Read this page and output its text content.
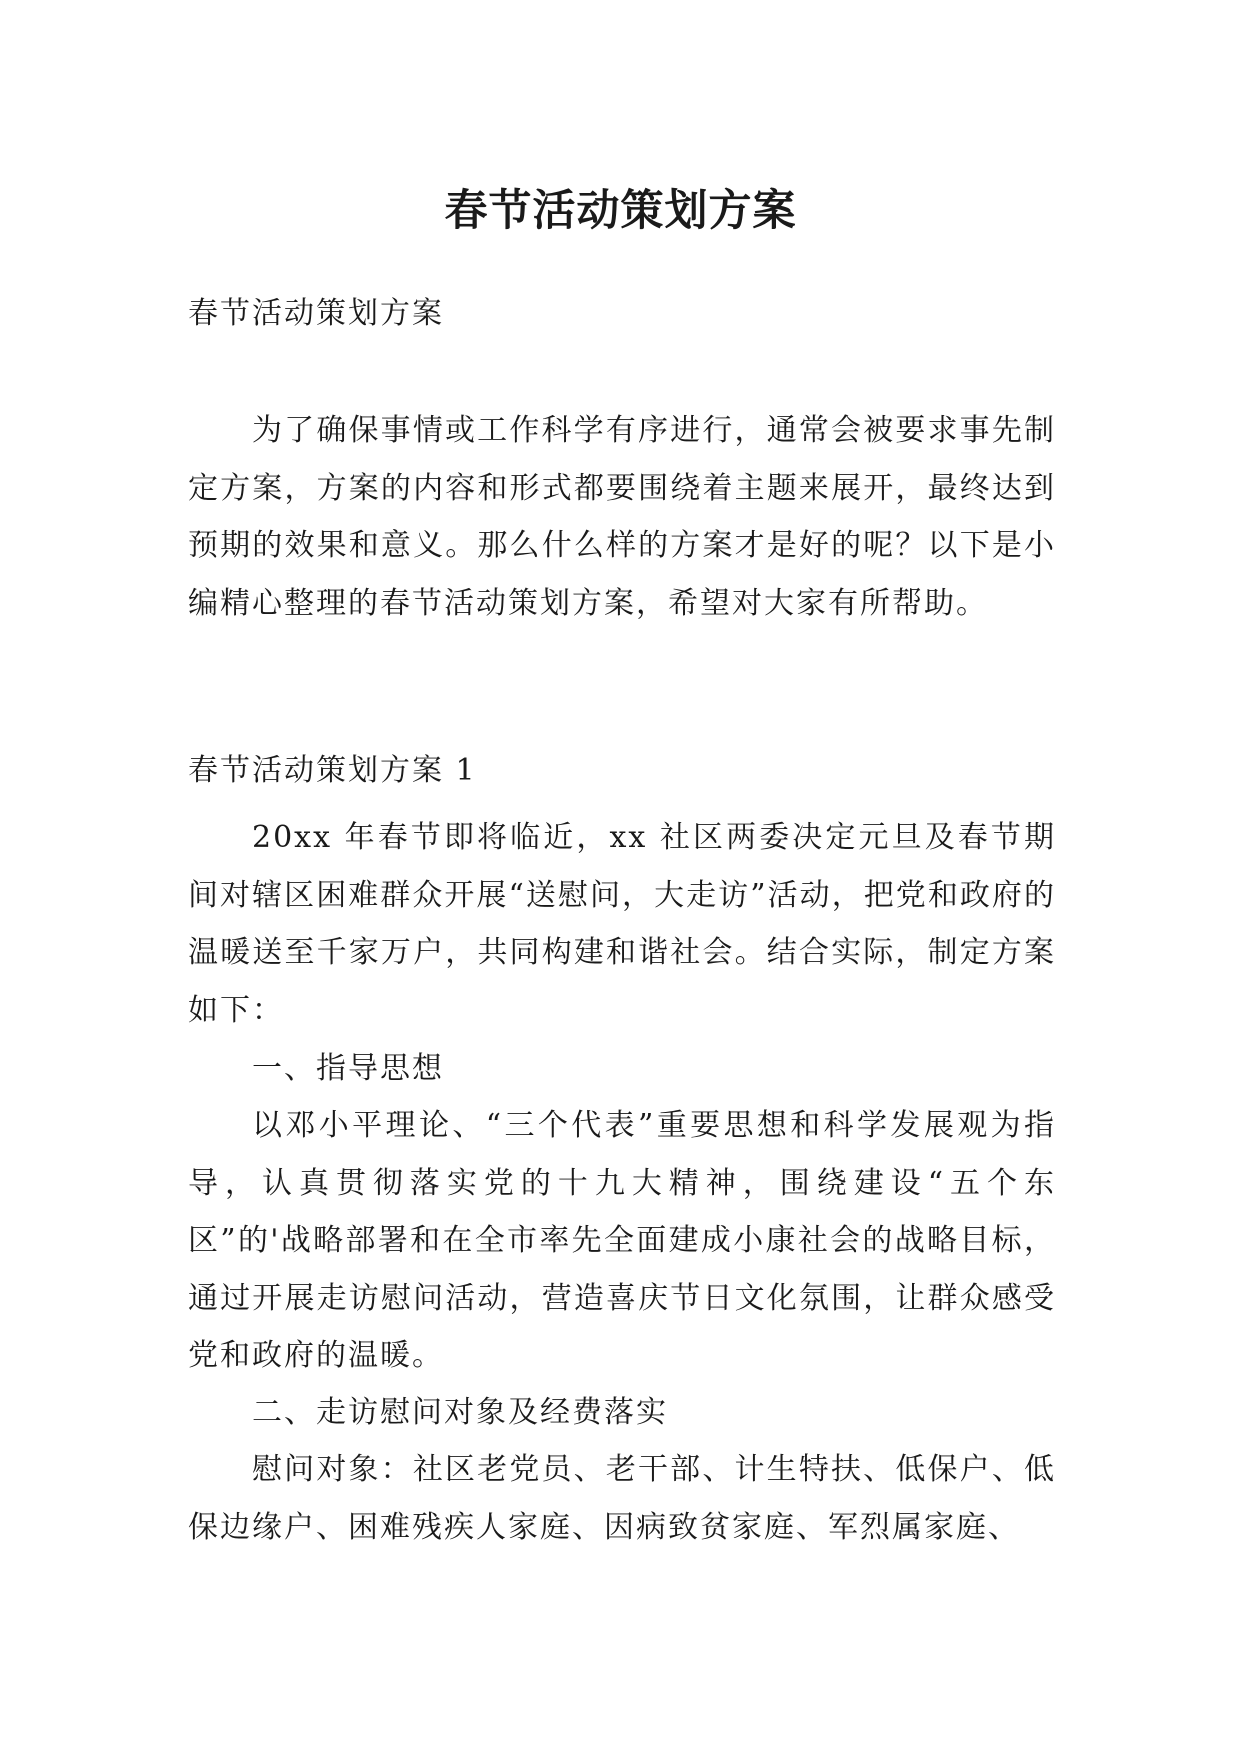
春节活动策划方案

春节活动策划方案

为了确保事情或工作科学有序进行，通常会被要求事先制定方案，方案的内容和形式都要围绕着主题来展开，最终达到预期的效果和意义。那么什么样的方案才是好的呢？以下是小编精心整理的春节活动策划方案，希望对大家有所帮助。

春节活动策划方案 1

20xx 年春节即将临近，xx 社区两委决定元旦及春节期间对辖区困难群众开展“送慰问，大走访”活动，把党和政府的温暖送至千家万户，共同构建和谐社会。结合实际，制定方案如下：

一、指导思想

以邓小平理论、“三个代表”重要思想和科学发展观为指导，认真贯彻落实党的十九大精神，围绕建设“五个东区”的'战略部署和在全市率先全面建成小康社会的战略目标，通过开展走访慰问活动，营造喜庆节日文化氛围，让群众感受党和政府的温暖。

二、走访慰问对象及经费落实

慰问对象：社区老党员、老干部、计生特扶、低保户、低保边缘户、困难残疾人家庭、因病致贫家庭、军烈属家庭、
